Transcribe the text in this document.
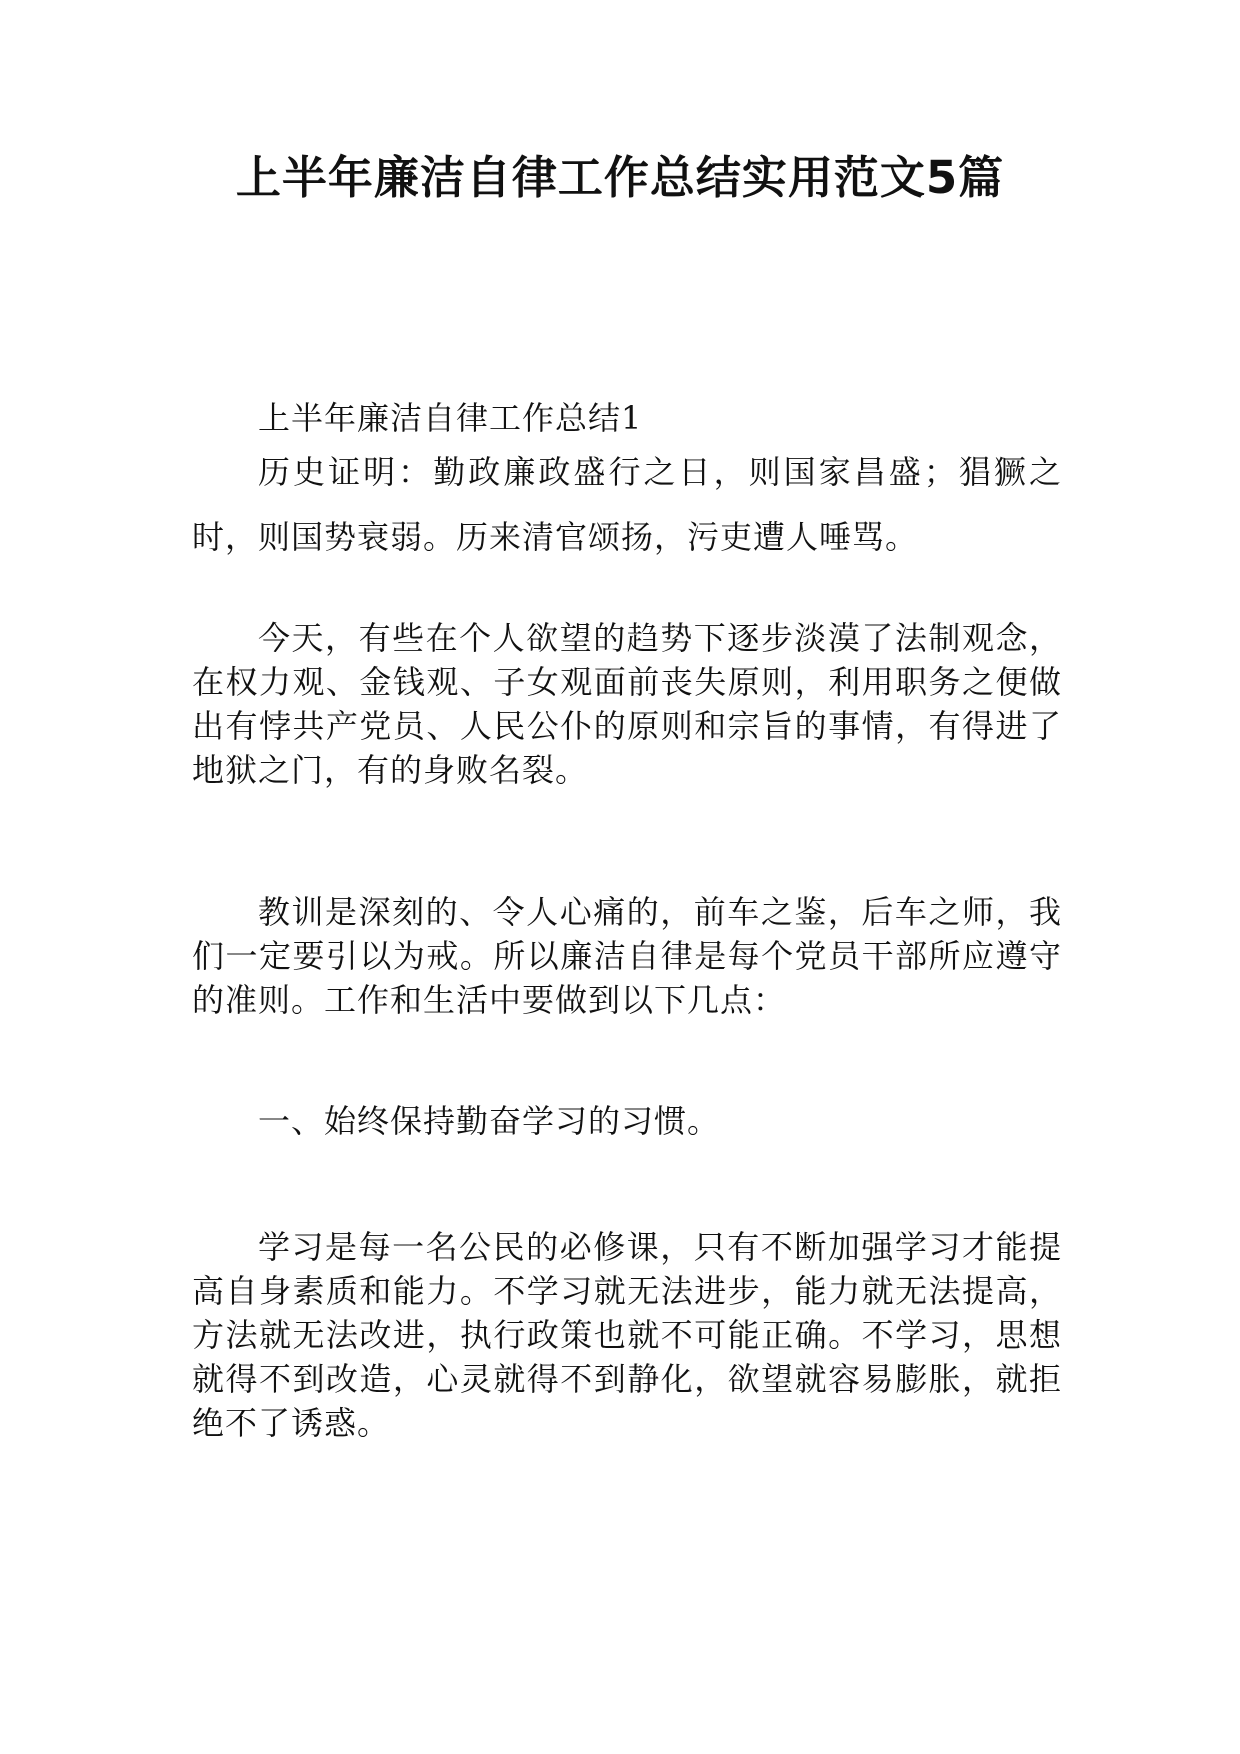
上半年廉洁自律工作总结实用范文5篇

上半年廉洁自律工作总结1

历史证明：勤政廉政盛行之日，则国家昌盛；猖獗之时，则国势衰弱。历来清官颂扬，污吏遭人唾骂。

今天，有些在个人欲望的趋势下逐步淡漠了法制观念，在权力观、金钱观、子女观面前丧失原则，利用职务之便做出有悖共产党员、人民公仆的原则和宗旨的事情，有得进了地狱之门，有的身败名裂。

教训是深刻的、令人心痛的，前车之鉴，后车之师，我们一定要引以为戒。所以廉洁自律是每个党员干部所应遵守的准则。工作和生活中要做到以下几点：

一、始终保持勤奋学习的习惯。

学习是每一名公民的必修课，只有不断加强学习才能提高自身素质和能力。不学习就无法进步，能力就无法提高，方法就无法改进，执行政策也就不可能正确。不学习，思想就得不到改造，心灵就得不到静化，欲望就容易膨胀，就拒绝不了诱惑。
